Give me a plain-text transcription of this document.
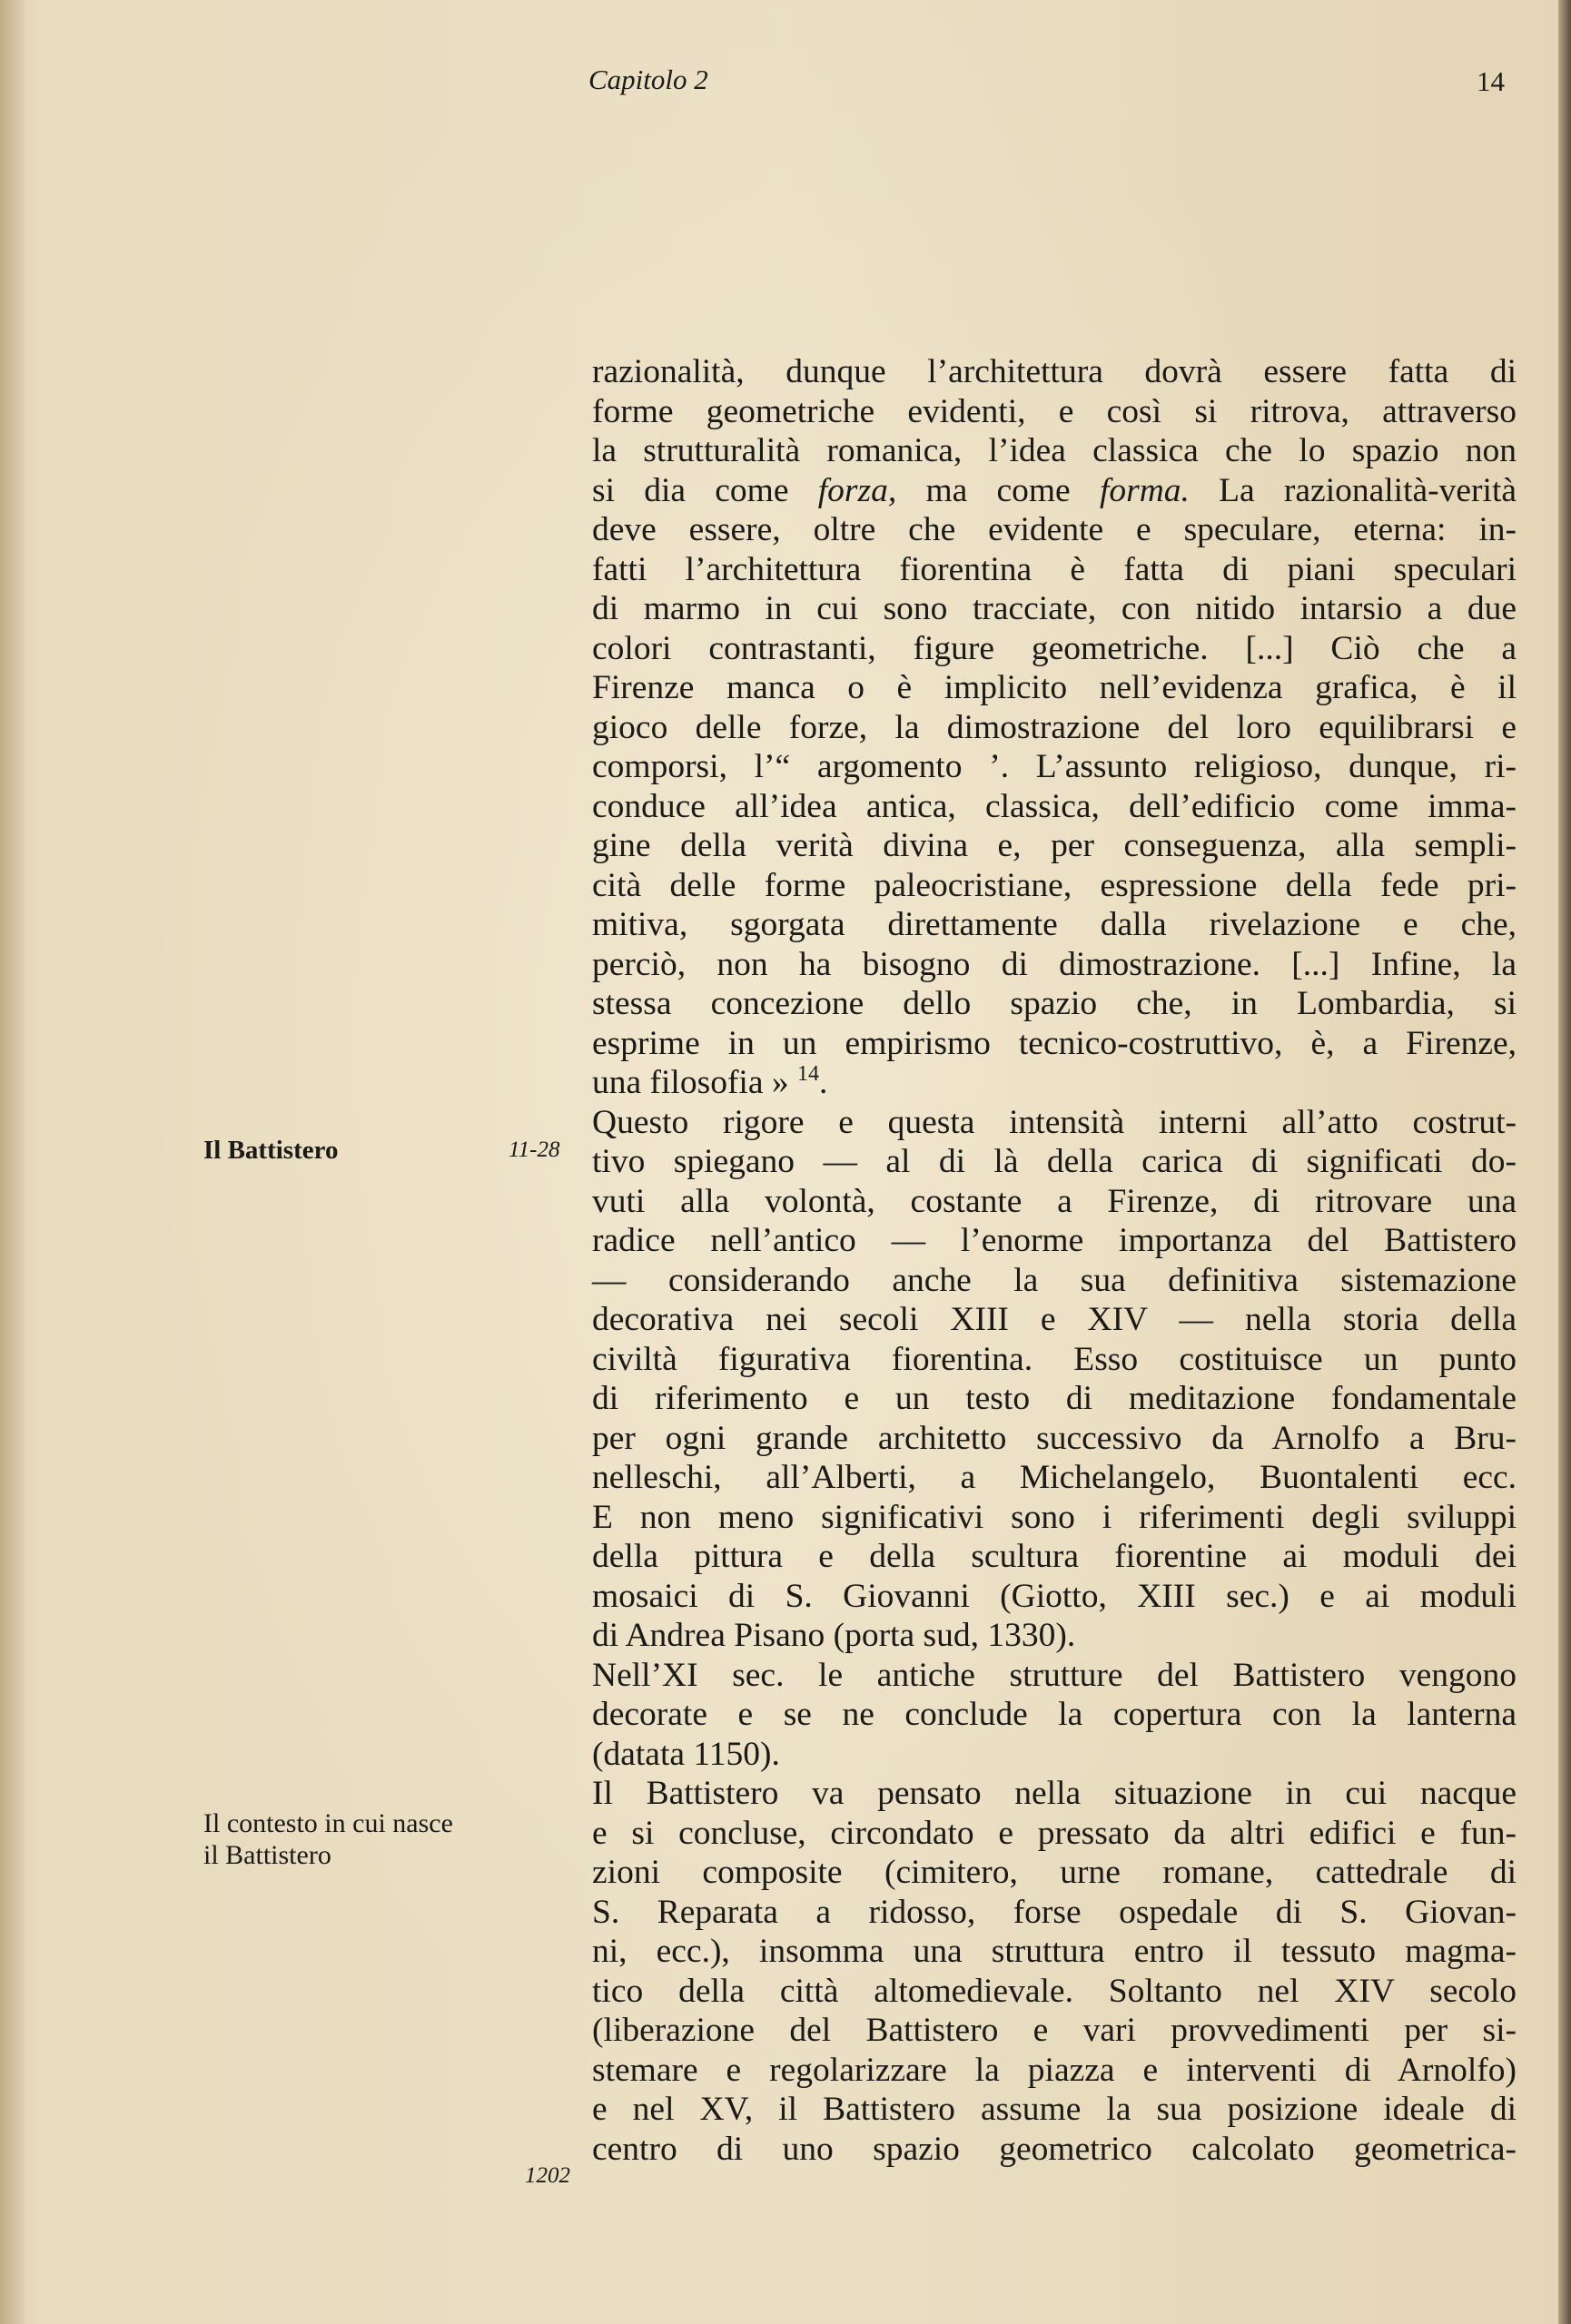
Capitolo 2	14
Il Battistero	11-28
Il contesto in cui nasce
il Battistero
1202
razionalità, dunque l’architettura dovrà essere fatta di
forme geometriche evidenti, e così si ritrova, attraverso
la strutturalità romanica, l’idea classica che lo spazio non
si dia come forza, ma come forma. La razionalità-verità
deve essere, oltre che evidente e speculare, eterna: in-
fatti l’architettura fiorentina è fatta di piani speculari
di marmo in cui sono tracciate, con nitido intarsio a due
colori contrastanti, figure geometriche. [...] Ciò che a
Firenze manca o è implicito nell’evidenza grafica, è il
gioco delle forze, la dimostrazione del loro equilibrarsi e
comporsi, l’“ argomento ’. L’assunto religioso, dunque, ri-
conduce all’idea antica, classica, dell’edificio come imma-
gine della verità divina e, per conseguenza, alla sempli-
cità delle forme paleocristiane, espressione della fede pri-
mitiva, sgorgata direttamente dalla rivelazione e che,
perciò, non ha bisogno di dimostrazione. [...] Infine, la
stessa concezione dello spazio che, in Lombardia, si
esprime in un empirismo tecnico-costruttivo, è, a Firenze,
una filosofia » $^{14}$.
Questo rigore e questa intensità interni all’atto costrut-
tivo spiegano — al di là della carica di significati do-
vuti alla volontà, costante a Firenze, di ritrovare una
radice nell’antico — l’enorme importanza del Battistero
— considerando anche la sua definitiva sistemazione
decorativa nei secoli XIII e XIV — nella storia della
civiltà figurativa fiorentina. Esso costituisce un punto
di riferimento e un testo di meditazione fondamentale
per ogni grande architetto successivo da Arnolfo a Bru-
nelleschi, all’Alberti, a Michelangelo, Buontalenti ecc.
E non meno significativi sono i riferimenti degli sviluppi
della pittura e della scultura fiorentine ai moduli dei
mosaici di S. Giovanni (Giotto, XIII sec.) e ai moduli
di Andrea Pisano (porta sud, 1330).
Nell’XI sec. le antiche strutture del Battistero vengono
decorate e se ne conclude la copertura con la lanterna
(datata 1150).
Il Battistero va pensato nella situazione in cui nacque
e si concluse, circondato e pressato da altri edifici e fun-
zioni composite (cimitero, urne romane, cattedrale di
S. Reparata a ridosso, forse ospedale di S. Giovan-
ni, ecc.), insomma una struttura entro il tessuto magma-
tico della città altomedievale. Soltanto nel XIV secolo
(liberazione del Battistero e vari provvedimenti per si-
stemare e regolarizzare la piazza e interventi di Arnolfo)
e nel XV, il Battistero assume la sua posizione ideale di
centro di uno spazio geometrico calcolato geometrica-
